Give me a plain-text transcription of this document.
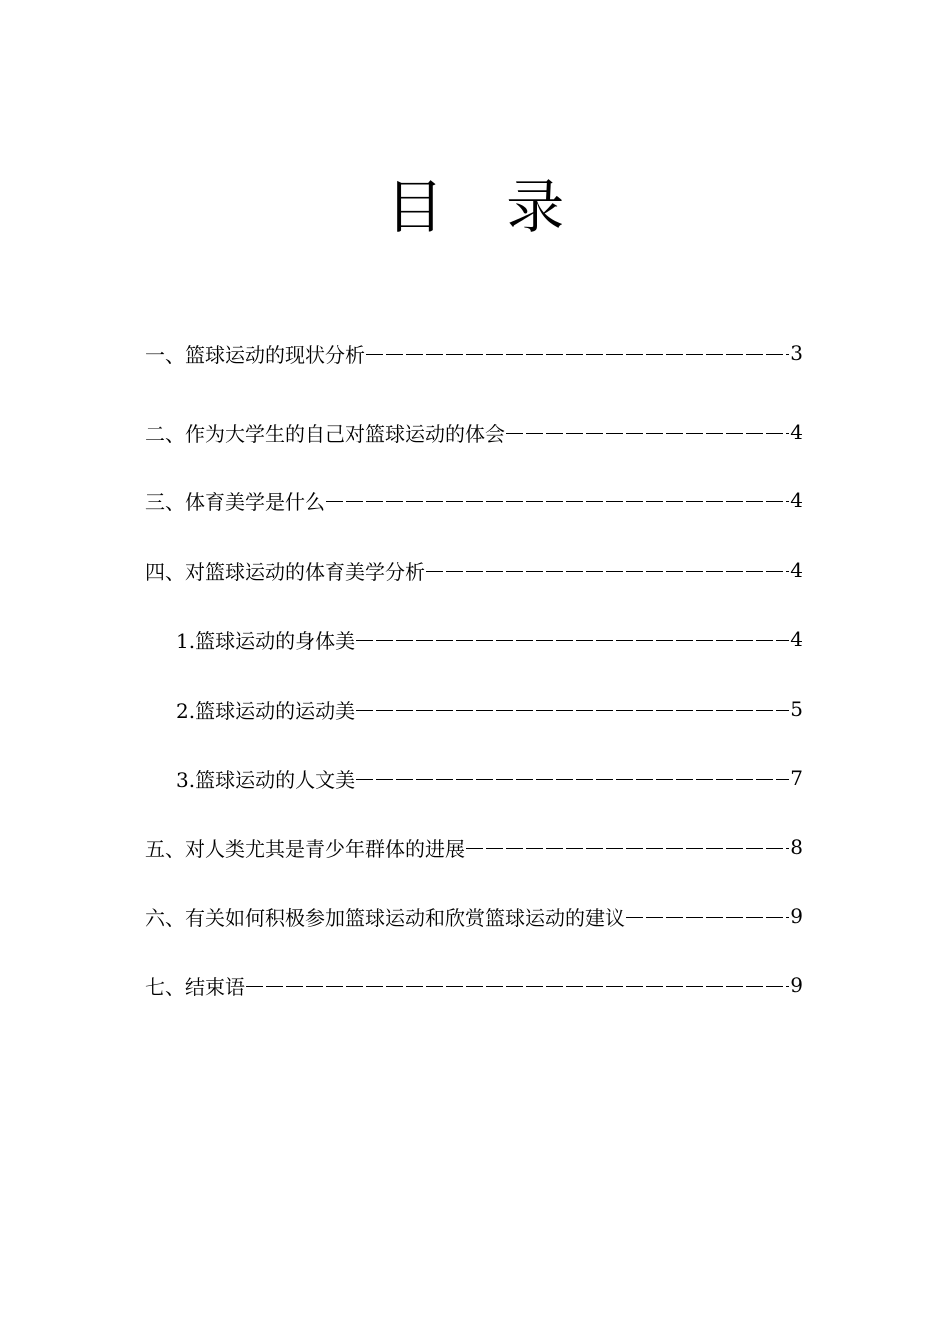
目 录
一、篮球运动的现状分析	3
二、作为大学生的自己对篮球运动的体会	4
三、体育美学是什么	4
四、对篮球运动的体育美学分析	4
1.篮球运动的身体美	4
2.篮球运动的运动美	5
3.篮球运动的人文美	7
五、对人类尤其是青少年群体的进展	8
六、有关如何积极参加篮球运动和欣赏篮球运动的建议	9
七、结束语	9
